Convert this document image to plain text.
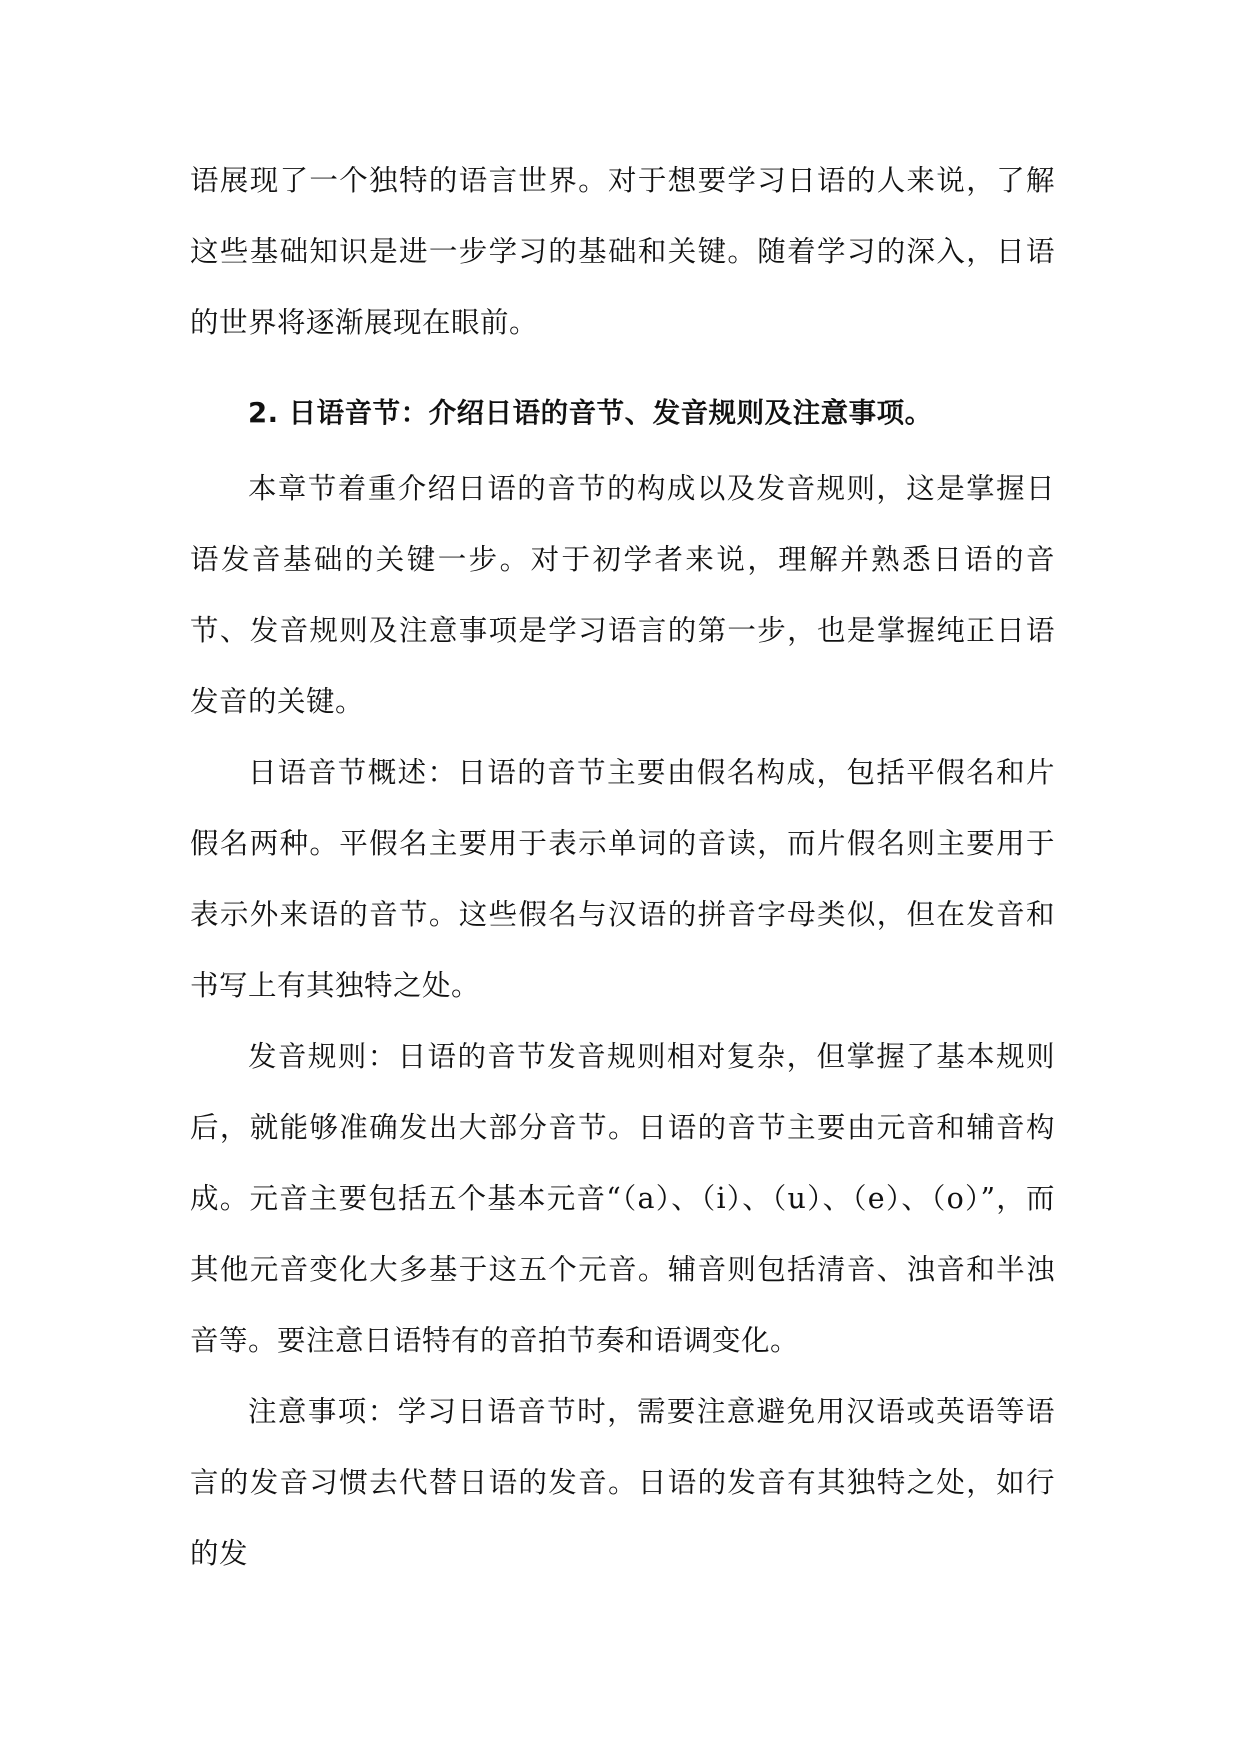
语展现了一个独特的语言世界。对于想要学习日语的人来说，了解这些基础知识是进一步学习的基础和关键。随着学习的深入，日语的世界将逐渐展现在眼前。

2. 日语音节：介绍日语的音节、发音规则及注意事项。

本章节着重介绍日语的音节的构成以及发音规则，这是掌握日语发音基础的关键一步。对于初学者来说，理解并熟悉日语的音节、发音规则及注意事项是学习语言的第一步，也是掌握纯正日语发音的关键。

日语音节概述：日语的音节主要由假名构成，包括平假名和片假名两种。平假名主要用于表示单词的音读，而片假名则主要用于表示外来语的音节。这些假名与汉语的拼音字母类似，但在发音和书写上有其独特之处。

发音规则：日语的音节发音规则相对复杂，但掌握了基本规则后，就能够准确发出大部分音节。日语的音节主要由元音和辅音构成。元音主要包括五个基本元音“（a）、（i）、（u）、（e）、（o）”，而其他元音变化大多基于这五个元音。辅音则包括清音、浊音和半浊音等。要注意日语特有的音拍节奏和语调变化。

注意事项：学习日语音节时，需要注意避免用汉语或英语等语言的发音习惯去代替日语的发音。日语的发音有其独特之处，如行的发
